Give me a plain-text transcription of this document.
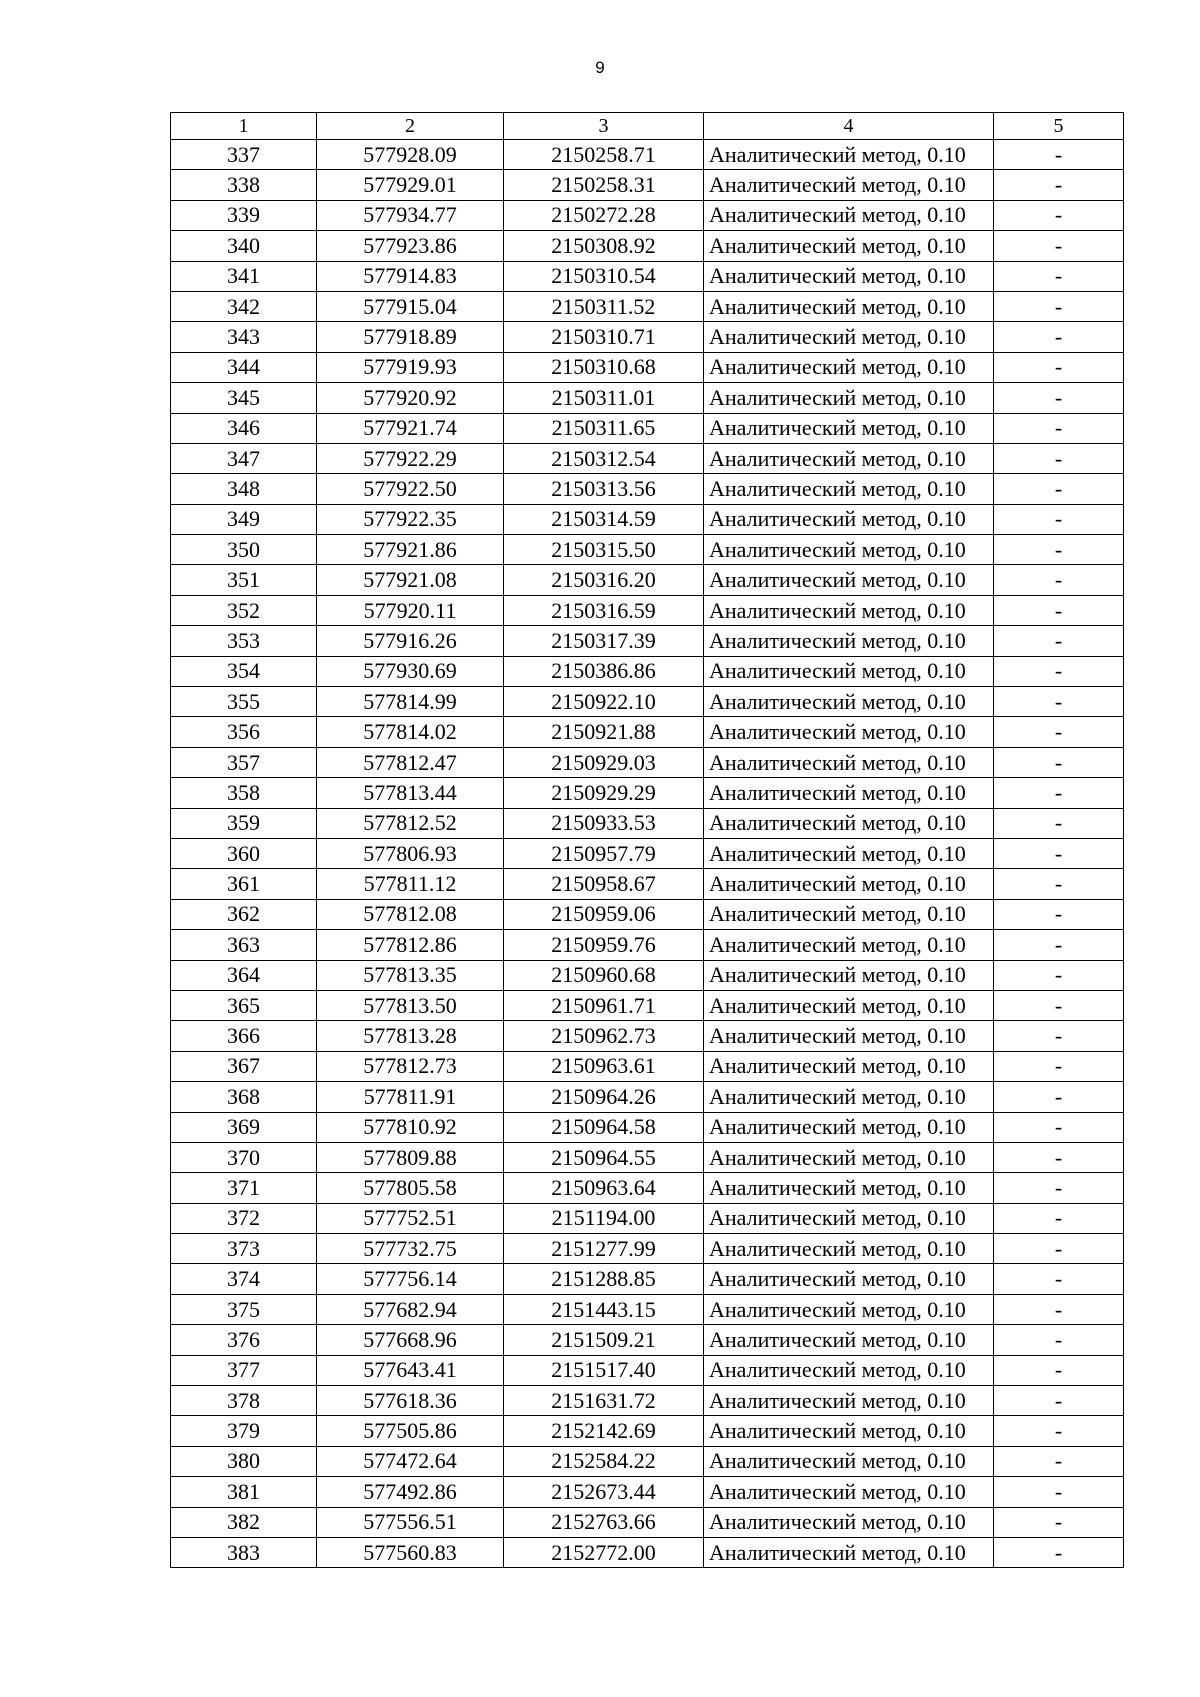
9
1	2	3	4	5
337	577928.09	2150258.71	Аналитический метод, 0.10	-
338	577929.01	2150258.31	Аналитический метод, 0.10	-
339	577934.77	2150272.28	Аналитический метод, 0.10	-
340	577923.86	2150308.92	Аналитический метод, 0.10	-
341	577914.83	2150310.54	Аналитический метод, 0.10	-
342	577915.04	2150311.52	Аналитический метод, 0.10	-
343	577918.89	2150310.71	Аналитический метод, 0.10	-
344	577919.93	2150310.68	Аналитический метод, 0.10	-
345	577920.92	2150311.01	Аналитический метод, 0.10	-
346	577921.74	2150311.65	Аналитический метод, 0.10	-
347	577922.29	2150312.54	Аналитический метод, 0.10	-
348	577922.50	2150313.56	Аналитический метод, 0.10	-
349	577922.35	2150314.59	Аналитический метод, 0.10	-
350	577921.86	2150315.50	Аналитический метод, 0.10	-
351	577921.08	2150316.20	Аналитический метод, 0.10	-
352	577920.11	2150316.59	Аналитический метод, 0.10	-
353	577916.26	2150317.39	Аналитический метод, 0.10	-
354	577930.69	2150386.86	Аналитический метод, 0.10	-
355	577814.99	2150922.10	Аналитический метод, 0.10	-
356	577814.02	2150921.88	Аналитический метод, 0.10	-
357	577812.47	2150929.03	Аналитический метод, 0.10	-
358	577813.44	2150929.29	Аналитический метод, 0.10	-
359	577812.52	2150933.53	Аналитический метод, 0.10	-
360	577806.93	2150957.79	Аналитический метод, 0.10	-
361	577811.12	2150958.67	Аналитический метод, 0.10	-
362	577812.08	2150959.06	Аналитический метод, 0.10	-
363	577812.86	2150959.76	Аналитический метод, 0.10	-
364	577813.35	2150960.68	Аналитический метод, 0.10	-
365	577813.50	2150961.71	Аналитический метод, 0.10	-
366	577813.28	2150962.73	Аналитический метод, 0.10	-
367	577812.73	2150963.61	Аналитический метод, 0.10	-
368	577811.91	2150964.26	Аналитический метод, 0.10	-
369	577810.92	2150964.58	Аналитический метод, 0.10	-
370	577809.88	2150964.55	Аналитический метод, 0.10	-
371	577805.58	2150963.64	Аналитический метод, 0.10	-
372	577752.51	2151194.00	Аналитический метод, 0.10	-
373	577732.75	2151277.99	Аналитический метод, 0.10	-
374	577756.14	2151288.85	Аналитический метод, 0.10	-
375	577682.94	2151443.15	Аналитический метод, 0.10	-
376	577668.96	2151509.21	Аналитический метод, 0.10	-
377	577643.41	2151517.40	Аналитический метод, 0.10	-
378	577618.36	2151631.72	Аналитический метод, 0.10	-
379	577505.86	2152142.69	Аналитический метод, 0.10	-
380	577472.64	2152584.22	Аналитический метод, 0.10	-
381	577492.86	2152673.44	Аналитический метод, 0.10	-
382	577556.51	2152763.66	Аналитический метод, 0.10	-
383	577560.83	2152772.00	Аналитический метод, 0.10	-
